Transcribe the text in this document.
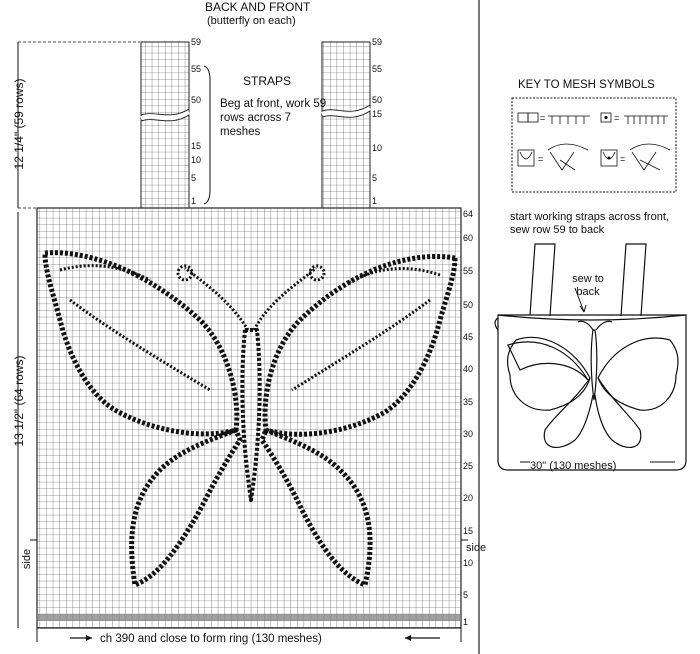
=	=
=	=
59
55
50
15
10
5
1
59
55
50
15
10
5
1
64
60
55
50
45
40
35
30
25
20
15
10
5
1
BACK AND FRONT
(butterfly on each)
STRAPS
Beg at front, work 59 rows across 7 meshes
12 1/4" (59 rows)
13 1/2" (64 rows)
side
side
ch 390 and close to form ring (130 meshes)
KEY TO MESH SYMBOLS
start working straps across front, sew row 59 to back
sew to back
30" (130 meshes)
